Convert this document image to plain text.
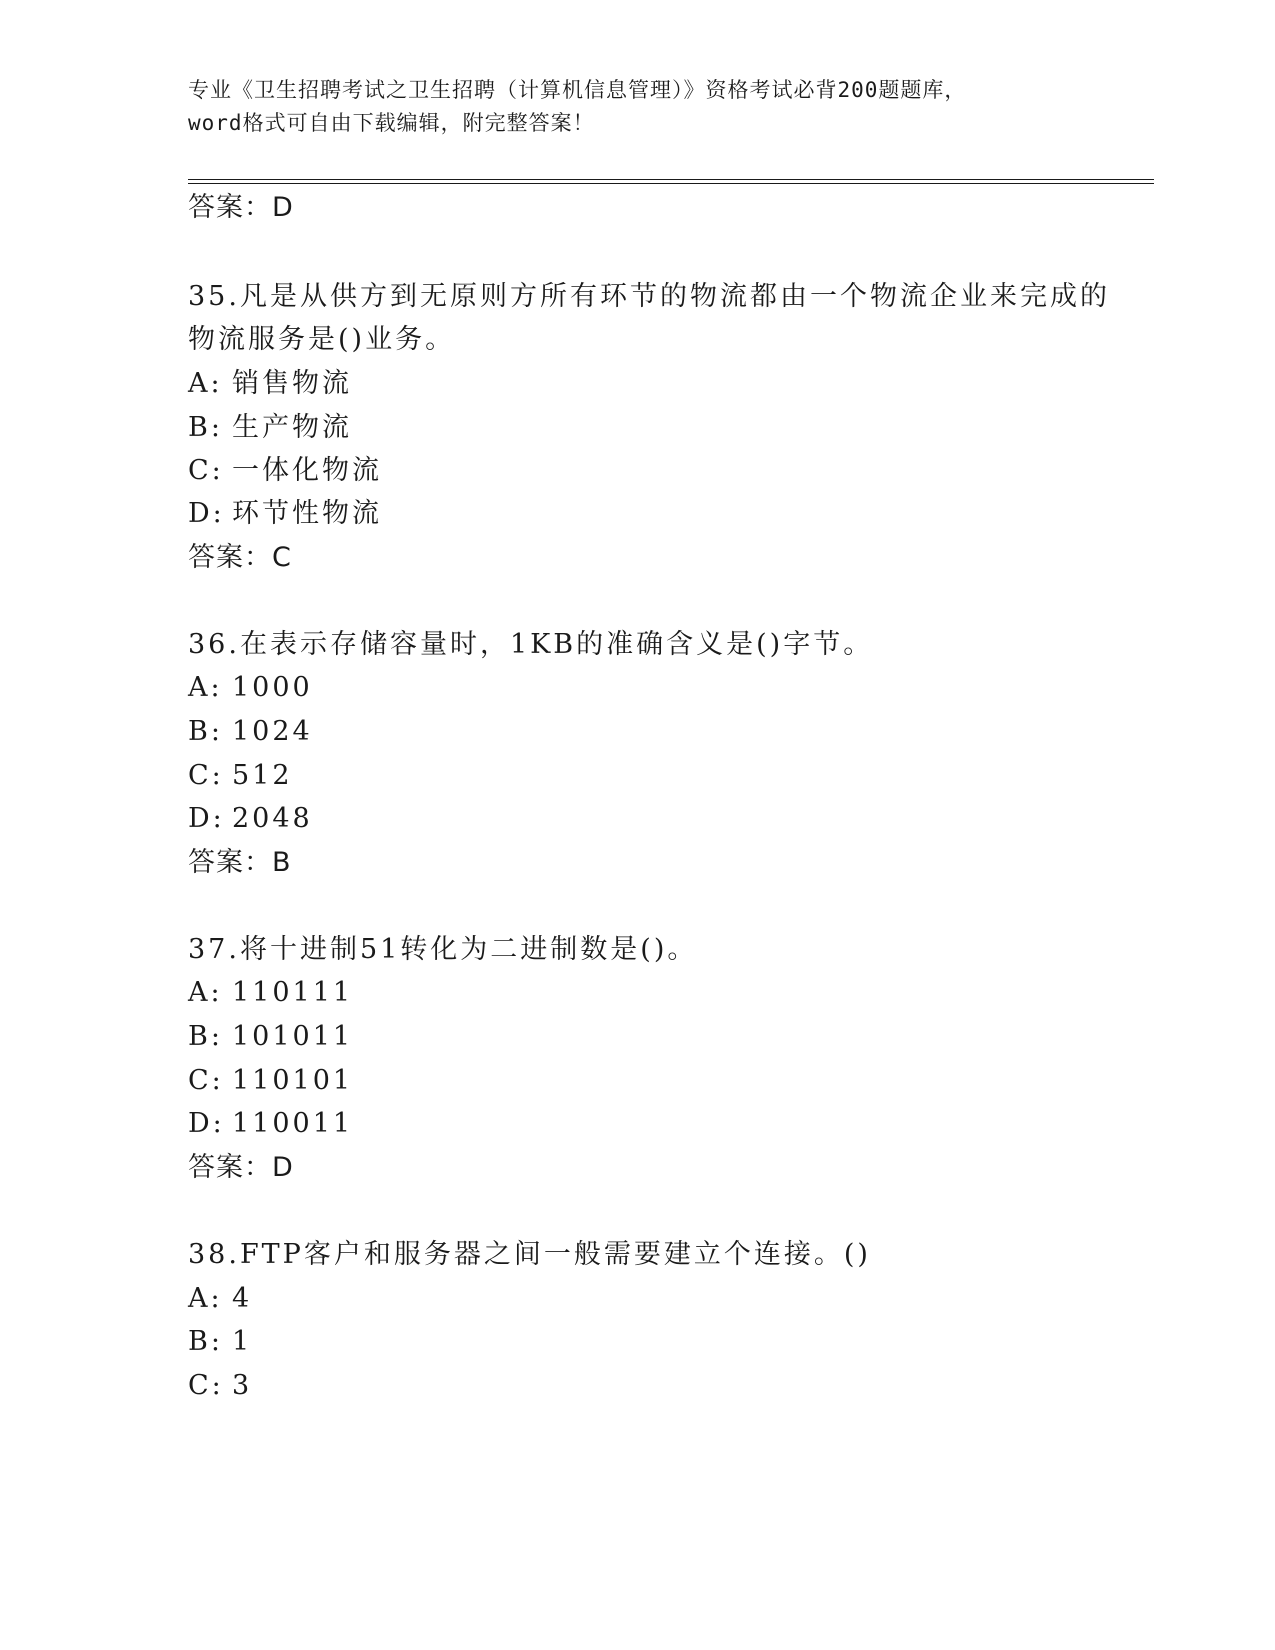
专业《卫生招聘考试之卫生招聘（计算机信息管理）》资格考试必背200题题库，
word格式可自由下载编辑，附完整答案！
答案：D
35.凡是从供方到无原则方所有环节的物流都由一个物流企业来完成的
物流服务是()业务。
A: 销售物流
B: 生产物流
C: 一体化物流
D: 环节性物流
答案：C
36.在表示存储容量时，1KB的准确含义是()字节。
A: 1000
B: 1024
C: 512
D: 2048
答案：B
37.将十进制51转化为二进制数是()。
A: 110111
B: 101011
C: 110101
D: 110011
答案：D
38.FTP客户和服务器之间一般需要建立个连接。()
A: 4
B: 1
C: 3
